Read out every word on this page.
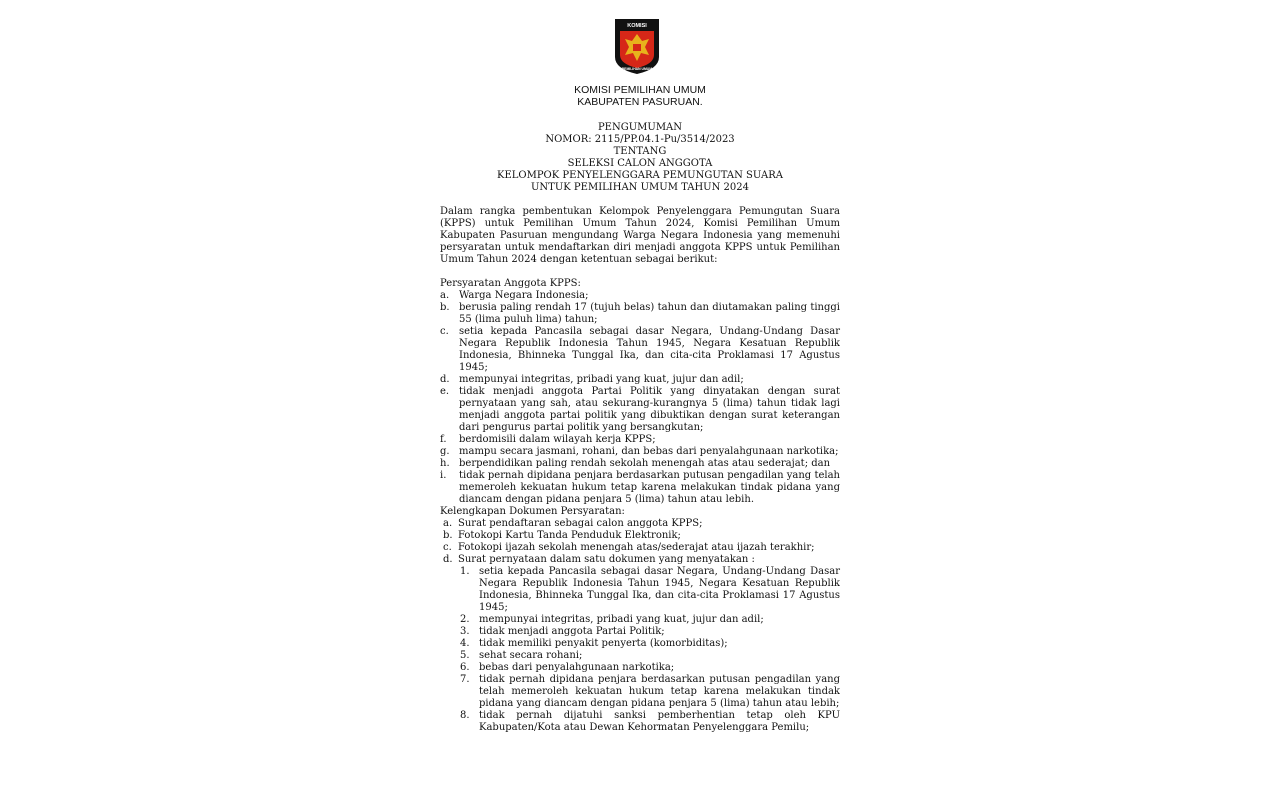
KOMISI
PEMILIHAN UMUM
KOMISI PEMILIHAN UMUM
KABUPATEN PASURUAN.
PENGUMUMAN
NOMOR: 2115/PP.04.1-Pu/3514/2023
TENTANG
SELEKSI CALON ANGGOTA
KELOMPOK PENYELENGGARA PEMUNGUTAN SUARA
UNTUK PEMILIHAN UMUM TAHUN 2024
Dalam rangka pembentukan Kelompok Penyelenggara Pemungutan Suara (KPPS) untuk Pemilihan Umum Tahun 2024, Komisi Pemilihan Umum Kabupaten Pasuruan mengundang Warga Negara Indonesia yang memenuhi persyaratan untuk mendaftarkan diri menjadi anggota KPPS untuk Pemilihan Umum Tahun 2024 dengan ketentuan sebagai berikut:
Persyaratan Anggota KPPS:
a. Warga Negara Indonesia;
b. berusia paling rendah 17 (tujuh belas) tahun dan diutamakan paling tinggi 55 (lima puluh lima) tahun;
c. setia kepada Pancasila sebagai dasar Negara, Undang-Undang Dasar Negara Republik Indonesia Tahun 1945, Negara Kesatuan Republik Indonesia, Bhinneka Tunggal Ika, dan cita-cita Proklamasi 17 Agustus 1945;
d. mempunyai integritas, pribadi yang kuat, jujur dan adil;
e. tidak menjadi anggota Partai Politik yang dinyatakan dengan surat pernyataan yang sah, atau sekurang-kurangnya 5 (lima) tahun tidak lagi menjadi anggota partai politik yang dibuktikan dengan surat keterangan dari pengurus partai politik yang bersangkutan;
f. berdomisili dalam wilayah kerja KPPS;
g. mampu secara jasmani, rohani, dan bebas dari penyalahgunaan narkotika;
h. berpendidikan paling rendah sekolah menengah atas atau sederajat; dan
i. tidak pernah dipidana penjara berdasarkan putusan pengadilan yang telah memeroleh kekuatan hukum tetap karena melakukan tindak pidana yang diancam dengan pidana penjara 5 (lima) tahun atau lebih.
Kelengkapan Dokumen Persyaratan:
a. Surat pendaftaran sebagai calon anggota KPPS;
b. Fotokopi Kartu Tanda Penduduk Elektronik;
c. Fotokopi ijazah sekolah menengah atas/sederajat atau ijazah terakhir;
d. Surat pernyataan dalam satu dokumen yang menyatakan :
1. setia kepada Pancasila sebagai dasar Negara, Undang-Undang Dasar Negara Republik Indonesia Tahun 1945, Negara Kesatuan Republik Indonesia, Bhinneka Tunggal Ika, dan cita-cita Proklamasi 17 Agustus 1945;
2. mempunyai integritas, pribadi yang kuat, jujur dan adil;
3. tidak menjadi anggota Partai Politik;
4. tidak memiliki penyakit penyerta (komorbiditas);
5. sehat secara rohani;
6. bebas dari penyalahgunaan narkotika;
7. tidak pernah dipidana penjara berdasarkan putusan pengadilan yang telah memeroleh kekuatan hukum tetap karena melakukan tindak pidana yang diancam dengan pidana penjara 5 (lima) tahun atau lebih;
8. tidak pernah dijatuhi sanksi pemberhentian tetap oleh KPU Kabupaten/Kota atau Dewan Kehormatan Penyelenggara Pemilu;
